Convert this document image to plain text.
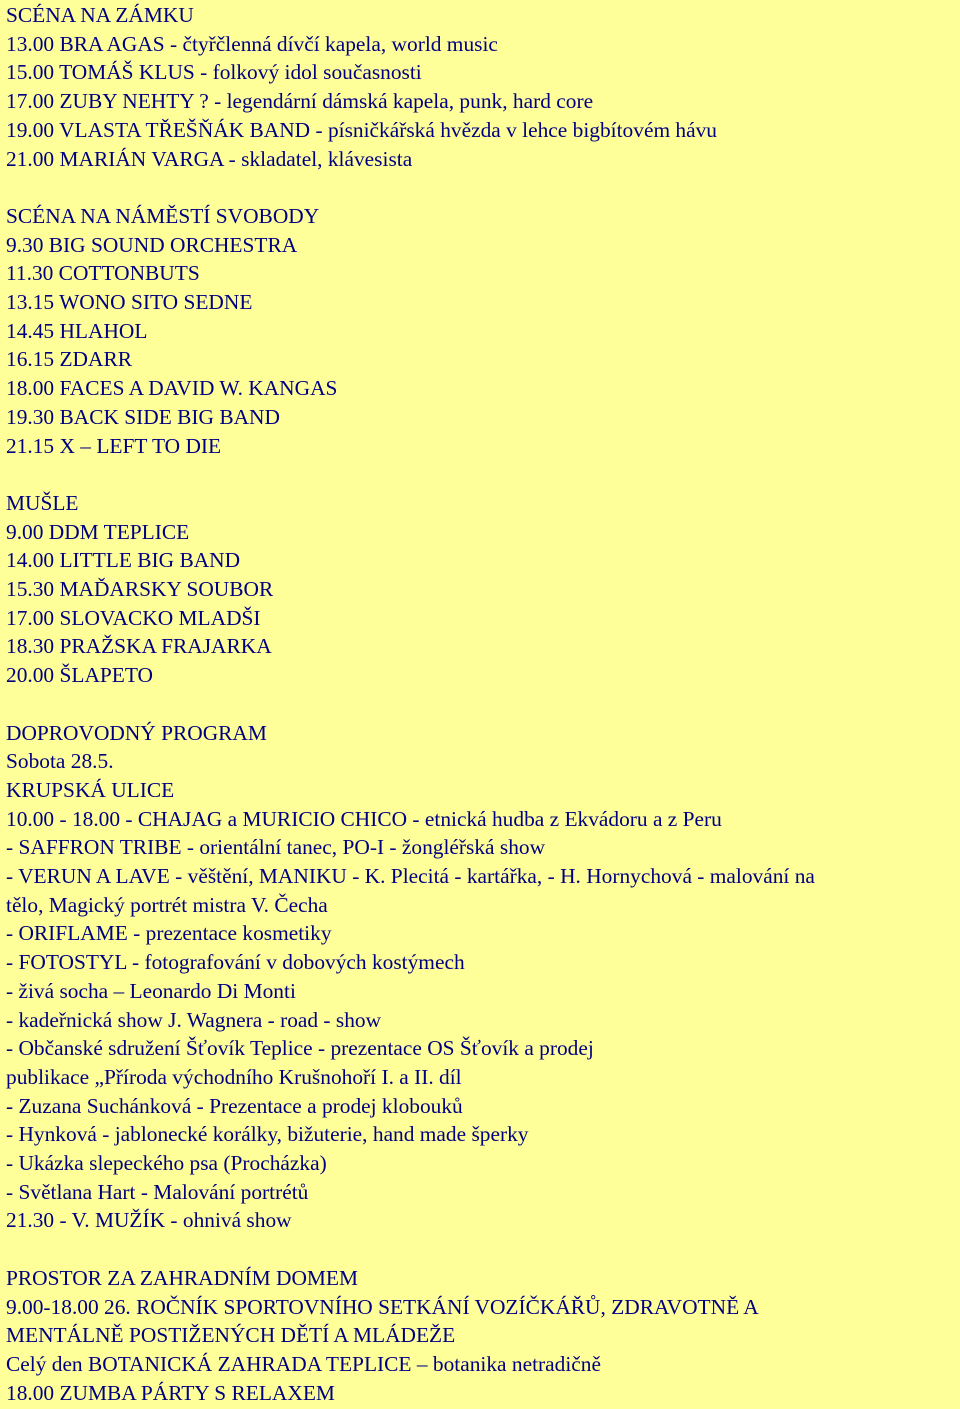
SCÉNA NA ZÁMKU
13.00 BRA AGAS - čtyřčlenná dívčí kapela, world music
15.00 TOMÁŠ KLUS - folkový idol současnosti
17.00 ZUBY NEHTY ? - legendární dámská kapela, punk, hard core
19.00 VLASTA TŘEŠŇÁK BAND - písničkářská hvězda v lehce bigbítovém hávu
21.00 MARIÁN VARGA - skladatel, klávesista
SCÉNA NA NÁMĚSTÍ SVOBODY
9.30 BIG SOUND ORCHESTRA
11.30 COTTONBUTS
13.15 WONO SITO SEDNE
14.45 HLAHOL
16.15 ZDARR
18.00 FACES A DAVID W. KANGAS
19.30 BACK SIDE BIG BAND
21.15 X – LEFT TO DIE
MUŠLE
9.00 DDM TEPLICE
14.00 LITTLE BIG BAND
15.30 MAĎARSKY SOUBOR
17.00 SLOVACKO MLADŠI
18.30 PRAŽSKA FRAJARKA
20.00 ŠLAPETO
DOPROVODNÝ PROGRAM
Sobota 28.5.
KRUPSKÁ ULICE
10.00 - 18.00 - CHAJAG a MURICIO CHICO - etnická hudba z Ekvádoru a z Peru
- SAFFRON TRIBE - orientální tanec, PO-I - žongléřská show
- VERUN A LAVE - věštění, MANIKU - K. Plecitá - kartářka, - H. Hornychová - malování na
tělo, Magický portrét mistra V. Čecha
- ORIFLAME - prezentace kosmetiky
- FOTOSTYL - fotografování v dobových kostýmech
- živá socha – Leonardo Di Monti
- kadeřnická show J. Wagnera - road - show
- Občanské sdružení Šťovík Teplice - prezentace OS Šťovík a prodej
publikace „Příroda východního Krušnohoří I. a II. díl
- Zuzana Suchánková - Prezentace a prodej klobouků
- Hynková - jablonecké korálky, bižuterie, hand made šperky
- Ukázka slepeckého psa (Procházka)
- Světlana Hart - Malování portrétů
21.30 - V. MUŽÍK - ohnivá show
PROSTOR ZA ZAHRADNÍM DOMEM
9.00-18.00 26. ROČNÍK SPORTOVNÍHO SETKÁNÍ VOZÍČKÁŘŮ, ZDRAVOTNĚ A
MENTÁLNĚ POSTIŽENÝCH DĚTÍ A MLÁDEŽE
Celý den BOTANICKÁ ZAHRADA TEPLICE – botanika netradičně
18.00 ZUMBA PÁRTY S RELAXEM
